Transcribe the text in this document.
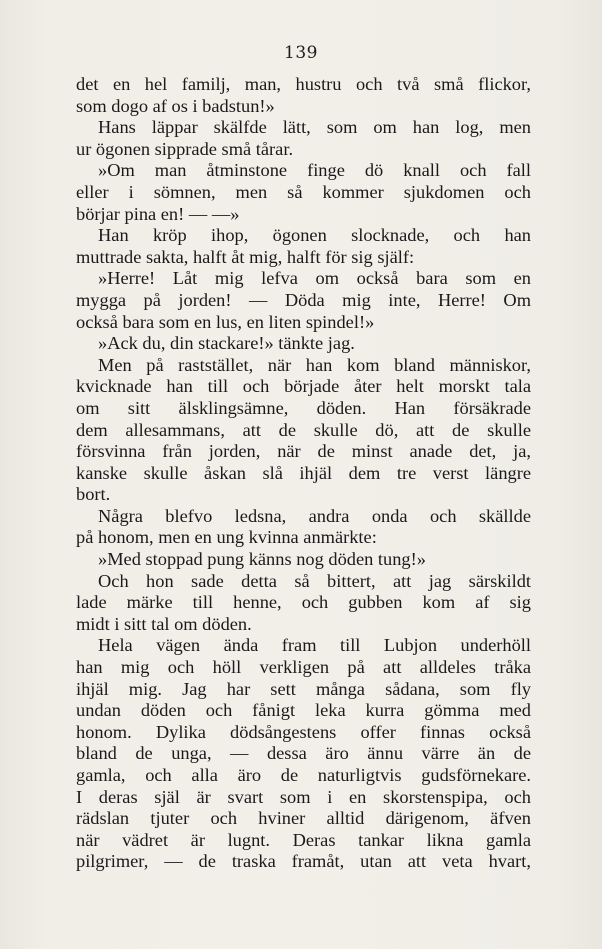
139
det en hel familj, man, hustru och två små flickor,
som dogo af os i badstun!»
Hans läppar skälfde lätt, som om han log, men
ur ögonen sipprade små tårar.
»Om man åtminstone finge dö knall och fall
eller i sömnen, men så kommer sjukdomen och
börjar pina en! — —»
Han kröp ihop, ögonen slocknade, och han
muttrade sakta, halft åt mig, halft för sig själf:
»Herre! Låt mig lefva om också bara som en
mygga på jorden! — Döda mig inte, Herre! Om
också bara som en lus, en liten spindel!»
»Ack du, din stackare!» tänkte jag.
Men på raststället, när han kom bland människor,
kvicknade han till och började åter helt morskt tala
om sitt älsklingsämne, döden. Han försäkrade
dem allesammans, att de skulle dö, att de skulle
försvinna från jorden, när de minst anade det, ja,
kanske skulle åskan slå ihjäl dem tre verst längre
bort.
Några blefvo ledsna, andra onda och skällde
på honom, men en ung kvinna anmärkte:
»Med stoppad pung känns nog döden tung!»
Och hon sade detta så bittert, att jag särskildt
lade märke till henne, och gubben kom af sig
midt i sitt tal om döden.
Hela vägen ända fram till Lubjon underhöll
han mig och höll verkligen på att alldeles tråka
ihjäl mig. Jag har sett många sådana, som fly
undan döden och fånigt leka kurra gömma med
honom. Dylika dödsångestens offer finnas också
bland de unga, — dessa äro ännu värre än de
gamla, och alla äro de naturligtvis gudsförnekare.
I deras själ är svart som i en skorstenspipa, och
rädslan tjuter och hviner alltid därigenom, äfven
när vädret är lugnt. Deras tankar likna gamla
pilgrimer, — de traska framåt, utan att veta hvart,
